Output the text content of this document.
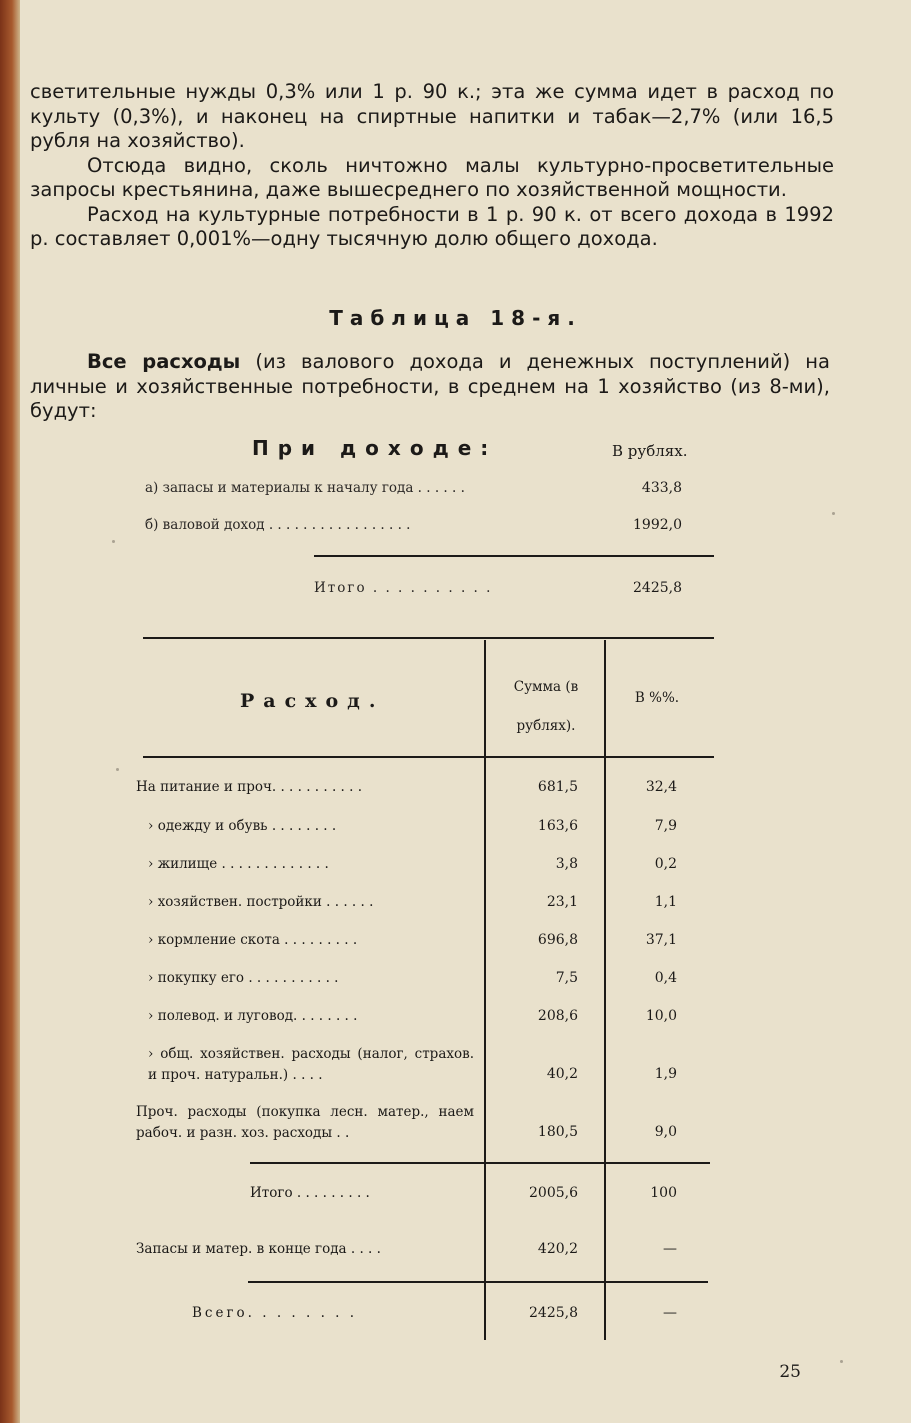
светительные нужды 0,3% или 1 р. 90 к.; эта же сумма идет в расход по культу (0,3%), и наконец на спиртные напитки и табак—2,7% (или 16,5 рубля на хозяйство).

Отсюда видно, сколь ничтожно малы культурно-просветительные запросы крестьянина, даже вышесреднего по хозяйственной мощности.

Расход на культурные потребности в 1 р. 90 к. от всего дохода в 1992 р. составляет 0,001%—одну тысячную долю общего дохода.

Таблица 18-я.
Все расходы (из валового дохода и денежных поступлений) на личные и хозяйственные потребности, в среднем на 1 хозяйство (из 8-ми), будут:
При доходе:	В рублях.
а) запасы и материалы к началу года . . . . . .	433,8
б) валовой доход . . . . . . . . . . . . . . . . .	1992,0
Итого . . . . . . . . . .	2425,8
Расход.
Сумма (в рублях).
В %%.
На питание и проч. . . . . . . . . . .	681,5	32,4
› одежду и обувь . . . . . . . .	163,6	7,9
› жилище . . . . . . . . . . . . .	3,8	0,2
› хозяйствен. постройки . . . . . .	23,1	1,1
› кормление скота . . . . . . . . .	696,8	37,1
› покупку его . . . . . . . . . . .	7,5	0,4
› полевод. и луговод. . . . . . . .	208,6	10,0
› общ. хозяйствен. расходы (налог, страхов. и проч. натуральн.) . . . .	40,2	1,9
Проч. расходы (покупка лесн. матер., наем рабоч. и разн. хоз. расходы . .	180,5	9,0
Итого . . . . . . . . .	2005,6	100
Запасы и матер. в конце года . . . .	420,2	—
Всего. . . . . . . .	2425,8	—
25
